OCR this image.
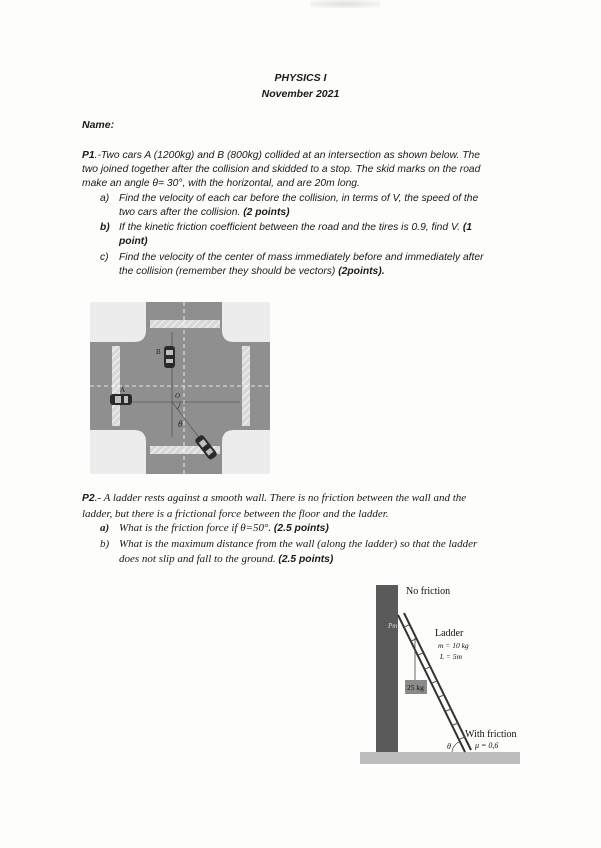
PHYSICS I
November 2021
Name:
P1.-Two cars A (1200kg) and B (800kg) collided at an intersection as shown below. The
two joined together after the collision and skidded to a stop. The skid marks on the road
make an angle θ= 30°, with the horizontal, and are 20m long.
a) Find the velocity of each car before the collision, in terms of V, the speed of the
two cars after the collision. (2 points)
b) If the kinetic friction coefficient between the road and the tires is 0.9, find V. (1
point)
c) Find the velocity of the center of mass immediately before and immediately after
the collision (remember they should be vectors) (2points).
A
B
O
θ
P2.- A ladder rests against a smooth wall. There is no friction between the wall and the
ladder, but there is a frictional force between the floor and the ladder.
a) What is the friction force if θ=50°. (2.5 points)
b) What is the maximum distance from the wall (along the ladder) so that the ladder
does not slip and fall to the ground. (2.5 points)
No friction
Pm
Ladder
m = 10 kg
L = 5m
25 kg
With friction
μ = 0,6
θ
